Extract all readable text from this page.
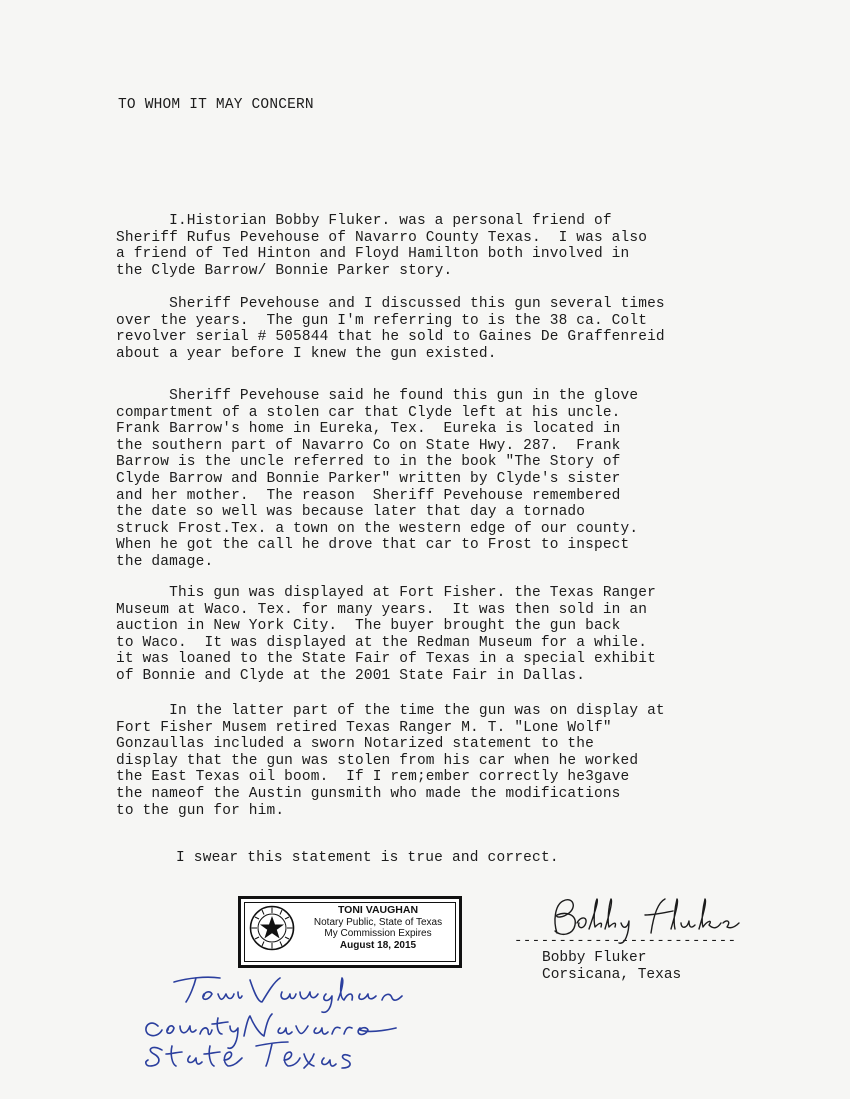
TO WHOM IT MAY CONCERN

I.Historian Bobby Fluker. was a personal friend of
Sheriff Rufus Pevehouse of Navarro County Texas.  I was also
a friend of Ted Hinton and Floyd Hamilton both involved in
the Clyde Barrow/ Bonnie Parker story.

Sheriff Pevehouse and I discussed this gun several times
over the years.  The gun I'm referring to is the 38 ca. Colt
revolver serial # 505844 that he sold to Gaines De Graffenreid
about a year before I knew the gun existed.

Sheriff Pevehouse said he found this gun in the glove
compartment of a stolen car that Clyde left at his uncle.
Frank Barrow's home in Eureka, Tex.  Eureka is located in
the southern part of Navarro Co on State Hwy. 287.  Frank
Barrow is the uncle referred to in the book "The Story of
Clyde Barrow and Bonnie Parker" written by Clyde's sister
and her mother.  The reason  Sheriff Pevehouse remembered
the date so well was because later that day a tornado
struck Frost.Tex. a town on the western edge of our county.
When he got the call he drove that car to Frost to inspect
the damage.

This gun was displayed at Fort Fisher. the Texas Ranger
Museum at Waco. Tex. for many years.  It was then sold in an
auction in New York City.  The buyer brought the gun back
to Waco.  It was displayed at the Redman Museum for a while.
it was loaned to the State Fair of Texas in a special exhibit
of Bonnie and Clyde at the 2001 State Fair in Dallas.

In the latter part of the time the gun was on display at
Fort Fisher Musem retired Texas Ranger M. T. "Lone Wolf"
Gonzaullas included a sworn Notarized statement to the
display that the gun was stolen from his car when he worked
the East Texas oil boom.  If I rem;ember correctly he3gave
the nameof the Austin gunsmith who made the modifications
to the gun for him.

I swear this statement is true and correct.
TONI VAUGHAN
Notary Public, State of Texas
My Commission Expires
August 18, 2015	-------------------------
Bobby Fluker
Corsicana, Texas
